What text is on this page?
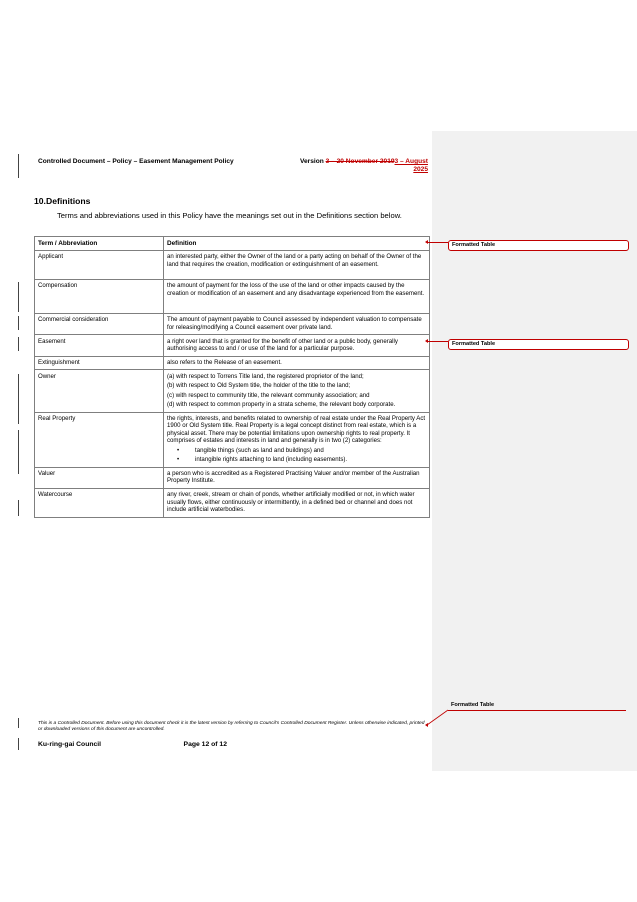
Controlled Document – Policy – Easement Management Policy	Version 3 – 20 November 20193 – August
2025
10.Definitions
Terms and abbreviations used in this Policy have the meanings set out in the Definitions section below.
Term / Abbreviation	Definition
Applicant	an interested party, either the Owner of the land or a party acting on behalf of the Owner of the land that requires the creation, modification or extinguishment of an easement.
Compensation	the amount of payment for the loss of the use of the land or other impacts caused by the creation or modification of an easement and any disadvantage experienced from the easement.
Commercial consideration	The amount of payment payable to Council assessed by independent valuation to compensate for releasing/modifying a Council easement over private land.
Easement	a right over land that is granted for the benefit of other land or a public body, generally authorising access to and / or use of the land for a particular purpose.
Extinguishment	also refers to the Release of an easement.
Owner	(a) with respect to Torrens Title land, the registered proprietor of the land;

(b) with respect to Old System title, the holder of the title to the land;

(c) with respect to community title, the relevant community association; and

(d) with respect to common property in a strata scheme, the relevant body corporate.

Real Property	the rights, interests, and benefits related to ownership of real estate under the Real Property Act 1900 or Old System title. Real Property is a legal concept distinct from real estate, which is a physical asset. There may be potential limitations upon ownership rights to real property. It comprises of estates and interests in land and generally is in two (2) categories:

• tangible things (such as land and buildings) and

• intangible rights attaching to land (including easements).

Valuer	a person who is accredited as a Registered Practising Valuer and/or member of the Australian Property Institute.
Watercourse	any river, creek, stream or chain of ponds, whether artificially modified or not, in which water usually flows, either continuously or intermittently, in a defined bed or channel and does not include artificial waterbodies.
This is a Controlled Document. Before using this document check it is the latest version by referring to Council's Controlled Document Register. Unless otherwise indicated, printed or downloaded versions of this document are uncontrolled.
Ku-ring-gai Council	Page 12 of 12
Formatted Table
Formatted Table
Formatted Table
